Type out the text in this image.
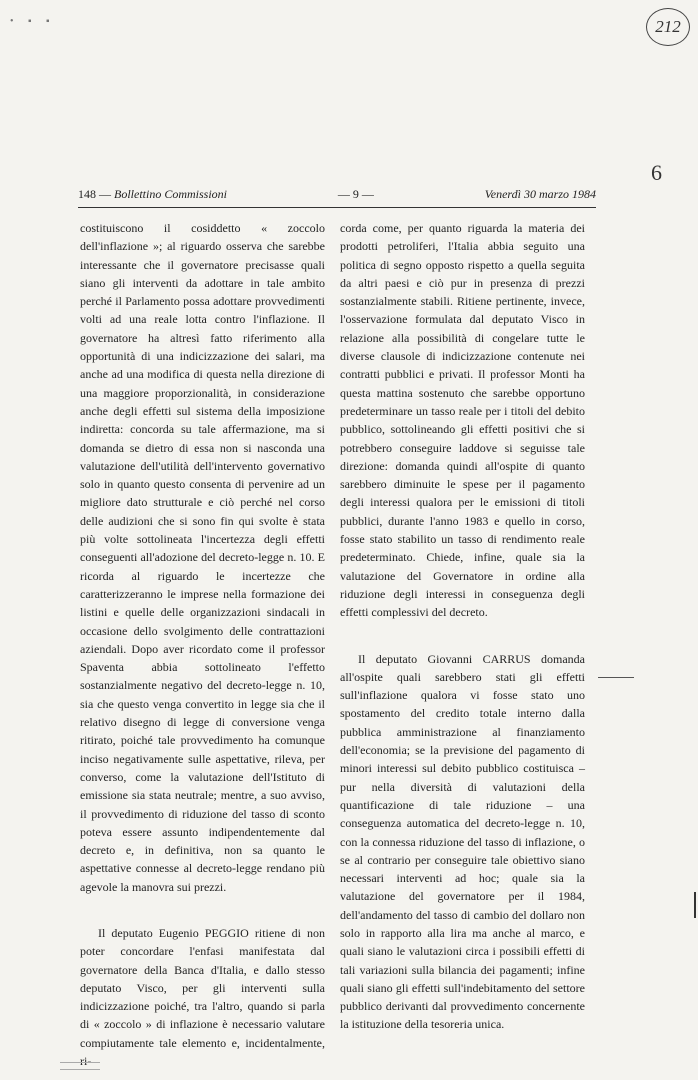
• ▪ ▪	212
6
148 — Bollettino Commissioni	— 9 —	Venerdì 30 marzo 1984

costituiscono il cosiddetto « zoccolo dell'inflazione »; al riguardo osserva che sarebbe interessante che il governatore precisasse quali siano gli interventi da adottare in tale ambito perché il Parlamento possa adottare provvedimenti volti ad una reale lotta contro l'inflazione. Il governatore ha altresì fatto riferimento alla opportunità di una indicizzazione dei salari, ma anche ad una modifica di questa nella direzione di una maggiore proporzionalità, in considerazione anche degli effetti sul sistema della imposizione indiretta: concorda su tale affermazione, ma si domanda se dietro di essa non si nasconda una valutazione dell'utilità dell'intervento governativo solo in quanto questo consenta di pervenire ad un migliore dato strutturale e ciò perché nel corso delle audizioni che si sono fin qui svolte è stata più volte sottolineata l'incertezza degli effetti conseguenti all'adozione del decreto-legge n. 10. E ricorda al riguardo le incertezze che caratterizzeranno le imprese nella formazione dei listini e quelle delle organizzazioni sindacali in occasione dello svolgimento delle contrattazioni aziendali. Dopo aver ricordato come il professor Spaventa abbia sottolineato l'effetto sostanzialmente negativo del decreto-legge n. 10, sia che questo venga convertito in legge sia che il relativo disegno di legge di conversione venga ritirato, poiché tale provvedimento ha comunque inciso negativamente sulle aspettative, rileva, per converso, come la valutazione dell'Istituto di emissione sia stata neutrale; mentre, a suo avviso, il provvedimento di riduzione del tasso di sconto poteva essere assunto indipendentemente dal decreto e, in definitiva, non sa quanto le aspettative connesse al decreto-legge rendano più agevole la manovra sui prezzi.

Il deputato Eugenio PEGGIO ritiene di non poter concordare l'enfasi manifestata dal governatore della Banca d'Italia, e dallo stesso deputato Visco, per gli interventi sulla indicizzazione poiché, tra l'altro, quando si parla di « zoccolo » di inflazione è necessario valutare compiutamente tale elemento e, incidentalmente, ri-

corda come, per quanto riguarda la materia dei prodotti petroliferi, l'Italia abbia seguito una politica di segno opposto rispetto a quella seguita da altri paesi e ciò pur in presenza di prezzi sostanzialmente stabili. Ritiene pertinente, invece, l'osservazione formulata dal deputato Visco in relazione alla possibilità di congelare tutte le diverse clausole di indicizzazione contenute nei contratti pubblici e privati. Il professor Monti ha questa mattina sostenuto che sarebbe opportuno predeterminare un tasso reale per i titoli del debito pubblico, sottolineando gli effetti positivi che si potrebbero conseguire laddove si seguisse tale direzione: domanda quindi all'ospite di quanto sarebbero diminuite le spese per il pagamento degli interessi qualora per le emissioni di titoli pubblici, durante l'anno 1983 e quello in corso, fosse stato stabilito un tasso di rendimento reale predeterminato. Chiede, infine, quale sia la valutazione del Governatore in ordine alla riduzione degli interessi in conseguenza degli effetti complessivi del decreto.

Il deputato Giovanni CARRUS domanda all'ospite quali sarebbero stati gli effetti sull'inflazione qualora vi fosse stato uno spostamento del credito totale interno dalla pubblica amministrazione al finanziamento dell'economia; se la previsione del pagamento di minori interessi sul debito pubblico costituisca – pur nella diversità di valutazioni della quantificazione di tale riduzione – una conseguenza automatica del decreto-legge n. 10, con la connessa riduzione del tasso di inflazione, o se al contrario per conseguire tale obiettivo siano necessari interventi ad hoc; quale sia la valutazione del governatore per il 1984, dell'andamento del tasso di cambio del dollaro non solo in rapporto alla lira ma anche al marco, e quali siano le valutazioni circa i possibili effetti di tali variazioni sulla bilancia dei pagamenti; infine quali siano gli effetti sull'indebitamento del settore pubblico derivanti dal provvedimento concernente la istituzione della tesoreria unica.
